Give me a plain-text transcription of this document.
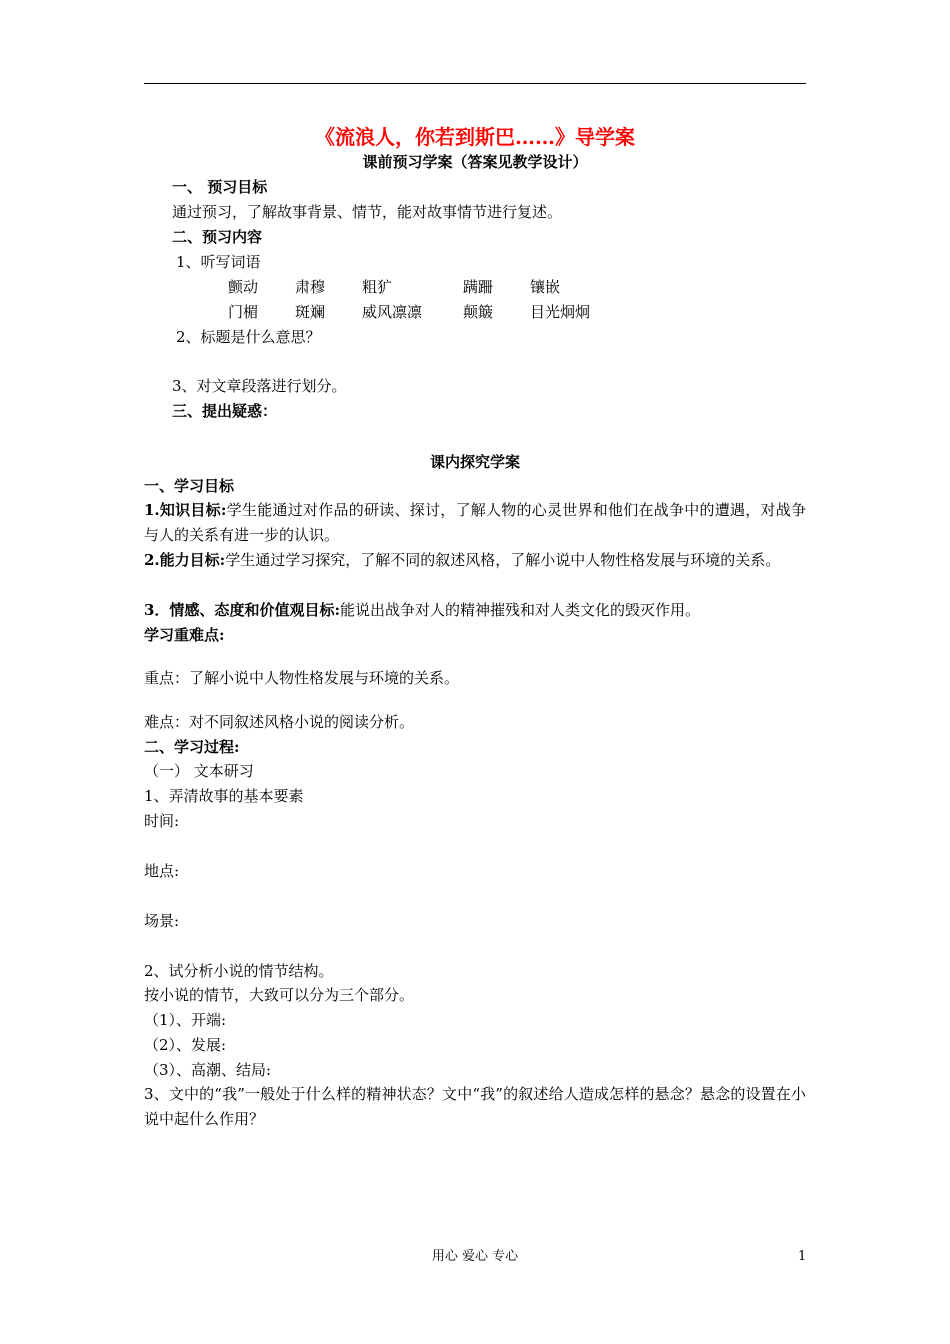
《流浪人，你若到斯巴……》导学案
课前预习学案（答案见教学设计）
一、 预习目标
通过预习，了解故事背景、情节，能对故事情节进行复述。
二、预习内容
1、听写词语
颤动 肃穆 粗犷	蹒跚 镶嵌
门楣 斑斓 威风凛凛	颠簸 目光炯炯
2、标题是什么意思？
3、对文章段落进行划分。
三、提出疑惑：
课内探究学案
一、学习目标
1.知识目标:学生能通过对作品的研读、探讨，了解人物的心灵世界和他们在战争中的遭遇，对战争与人的关系有进一步的认识。
2.能力目标:学生通过学习探究，了解不同的叙述风格，了解小说中人物性格发展与环境的关系。
3．情感、态度和价值观目标:能说出战争对人的精神摧残和对人类文化的毁灭作用。
学习重难点:
重点：了解小说中人物性格发展与环境的关系。
难点：对不同叙述风格小说的阅读分析。
二、学习过程:
（一） 文本研习
1、弄清故事的基本要素
时间:
地点:
场景:
2、试分析小说的情节结构。
按小说的情节，大致可以分为三个部分。
（1）、开端:
（2）、发展:
（3）、高潮、结局:
3、文中的“我”一般处于什么样的精神状态？文中“我”的叙述给人造成怎样的悬念？悬念的设置在小说中起什么作用？
用心 爱心 专心	1
